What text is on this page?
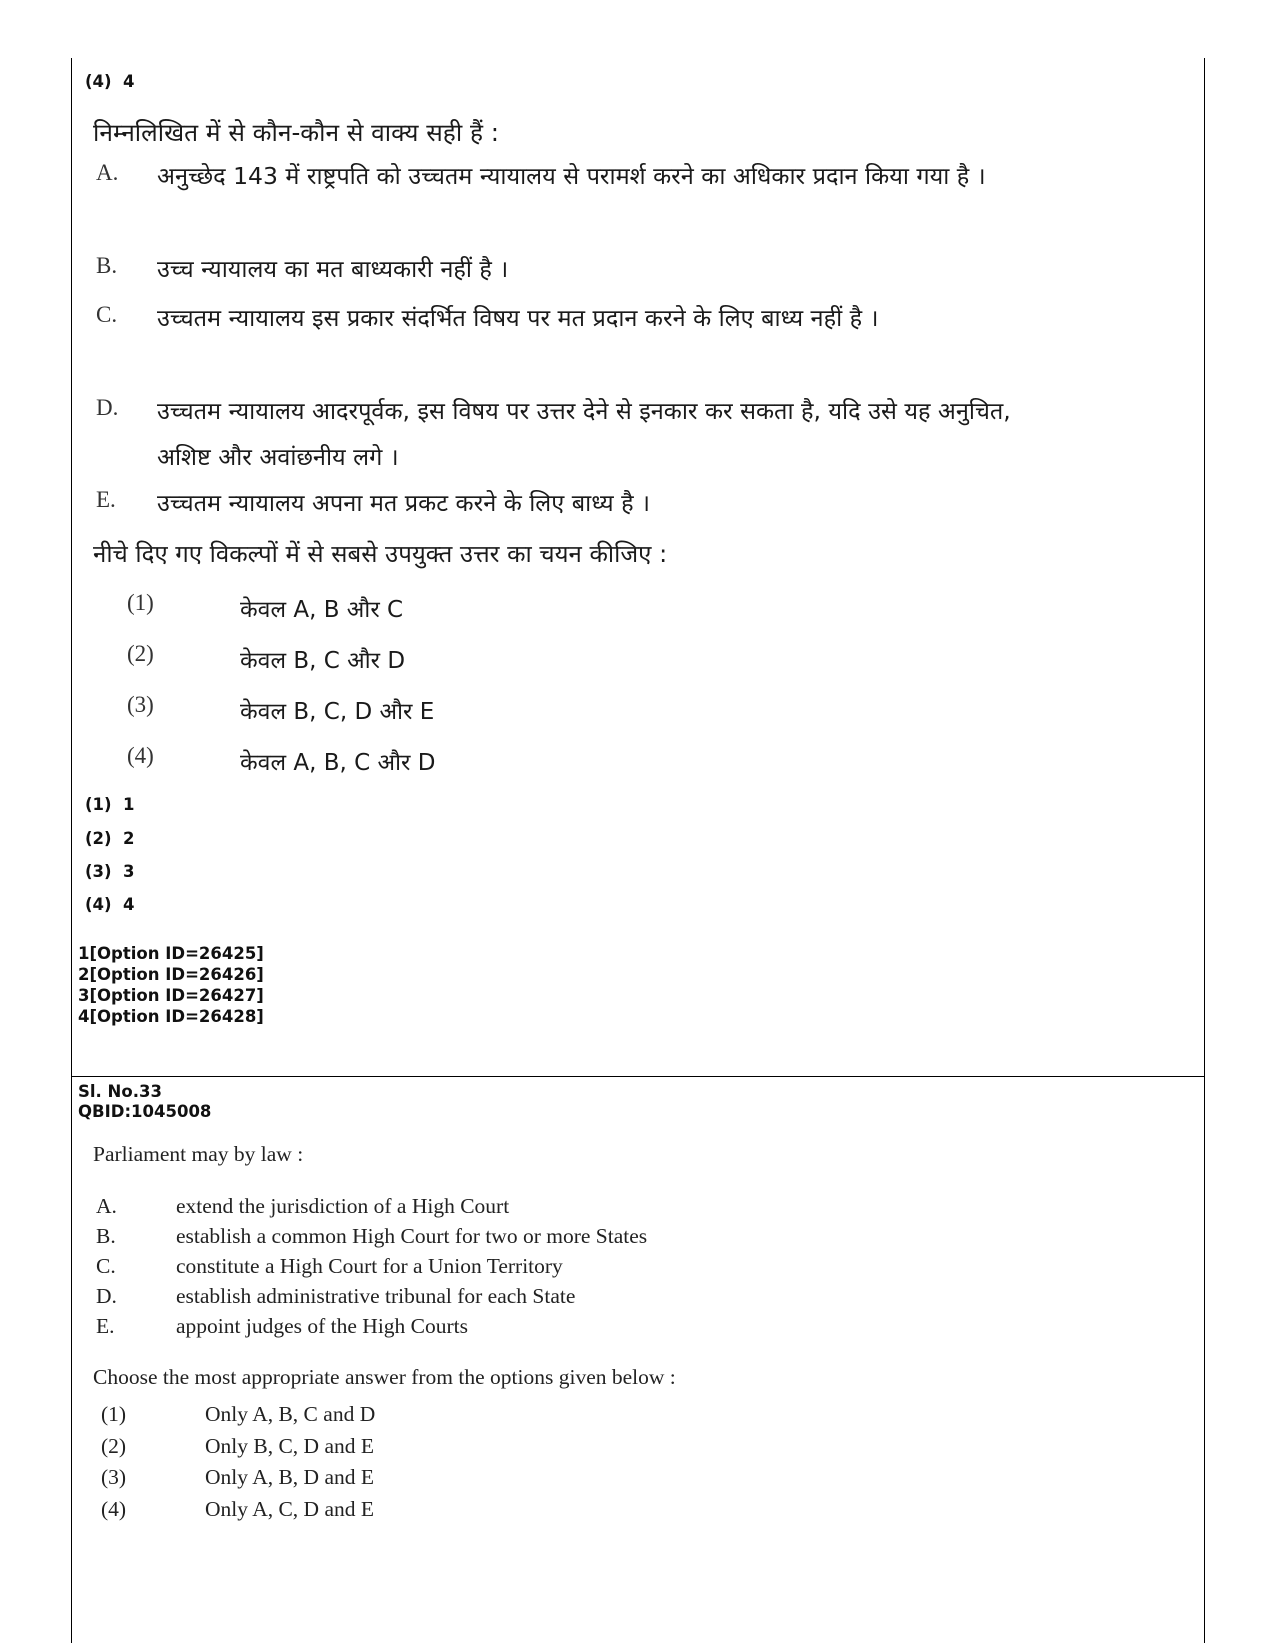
(4)  4
निम्नलिखित में से कौन-कौन से वाक्य सही हैं :
A. अनुच्छेद 143 में राष्ट्रपति को उच्चतम न्यायालय से परामर्श करने का अधिकार प्रदान किया गया है ।
B. उच्च न्यायालय का मत बाध्यकारी नहीं है ।
C. उच्चतम न्यायालय इस प्रकार संदर्भित विषय पर मत प्रदान करने के लिए बाध्य नहीं है ।
D. उच्चतम न्यायालय आदरपूर्वक, इस विषय पर उत्तर देने से इनकार कर सकता है, यदि उसे यह अनुचित, अशिष्ट और अवांछनीय लगे ।
E. उच्चतम न्यायालय अपना मत प्रकट करने के लिए बाध्य है ।
नीचे दिए गए विकल्पों में से सबसे उपयुक्त उत्तर का चयन कीजिए :
(1)	केवल A, B और C
(2)	केवल B, C और D
(3)	केवल B, C, D और E
(4)	केवल A, B, C और D
(1)  1
(2)  2
(3)  3
(4)  4
1[Option ID=26425]
2[Option ID=26426]
3[Option ID=26427]
4[Option ID=26428]
Sl. No.33
QBID:1045008
Parliament may by law :
A.	extend the jurisdiction of a High Court
B.	establish a common High Court for two or more States
C.	constitute a High Court for a Union Territory
D.	establish administrative tribunal for each State
E.	appoint judges of the High Courts
Choose the most appropriate answer from the options given below :
(1)	Only A, B, C and D
(2)	Only B, C, D and E
(3)	Only A, B, D and E
(4)	Only A, C, D and E
